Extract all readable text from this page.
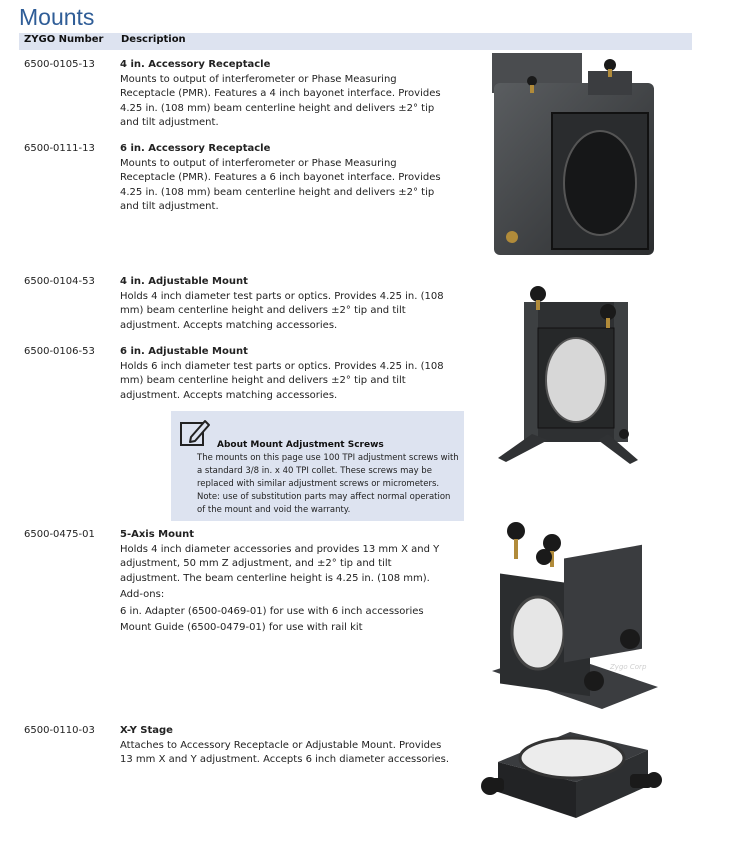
Mounts
ZYGO Number Description
6500-0105-13	4 in. Accessory Receptacle

Mounts to output of interferometer or Phase Measuring Receptacle (PMR). Features a 4 inch bayonet interface. Provides 4.25 in. (108 mm) beam centerline height and delivers ±2° tip and tilt adjustment.

6500-0111-13	6 in. Accessory Receptacle

Mounts to output of interferometer or Phase Measuring Receptacle (PMR). Features a 6 inch bayonet interface. Provides 4.25 in. (108 mm) beam centerline height and delivers ±2° tip and tilt adjustment.

6500-0104-53	4 in. Adjustable Mount

Holds 4 inch diameter test parts or optics. Provides 4.25 in. (108 mm) beam centerline height and delivers ±2° tip and tilt adjustment. Accepts matching accessories.

6500-0106-53	6 in. Adjustable Mount

Holds 6 inch diameter test parts or optics. Provides 4.25 in. (108 mm) beam centerline height and delivers ±2° tip and tilt adjustment. Accepts matching accessories.

About Mount Adjustment Screws
The mounts on this page use 100 TPI adjustment screws with a standard 3/8 in. x 40 TPI collet. These screws may be replaced with similar adjustment screws or micrometers. Note: use of substitution parts may affect normal operation of the mount and void the warranty.
6500-0475-01	5-Axis Mount

Holds 4 inch diameter accessories and provides 13 mm X and Y adjustment, 50 mm Z adjustment, and ±2° tip and tilt adjustment. The beam centerline height is 4.25 in. (108 mm).

Add-ons:

6 in. Adapter (6500-0469-01) for use with 6 inch accessories

Mount Guide (6500-0479-01) for use with rail kit

6500-0110-03	X-Y Stage

Attaches to Accessory Receptacle or Adjustable Mount. Provides 13 mm X and Y adjustment. Accepts 6 inch diameter accessories.

Zygo Corp
